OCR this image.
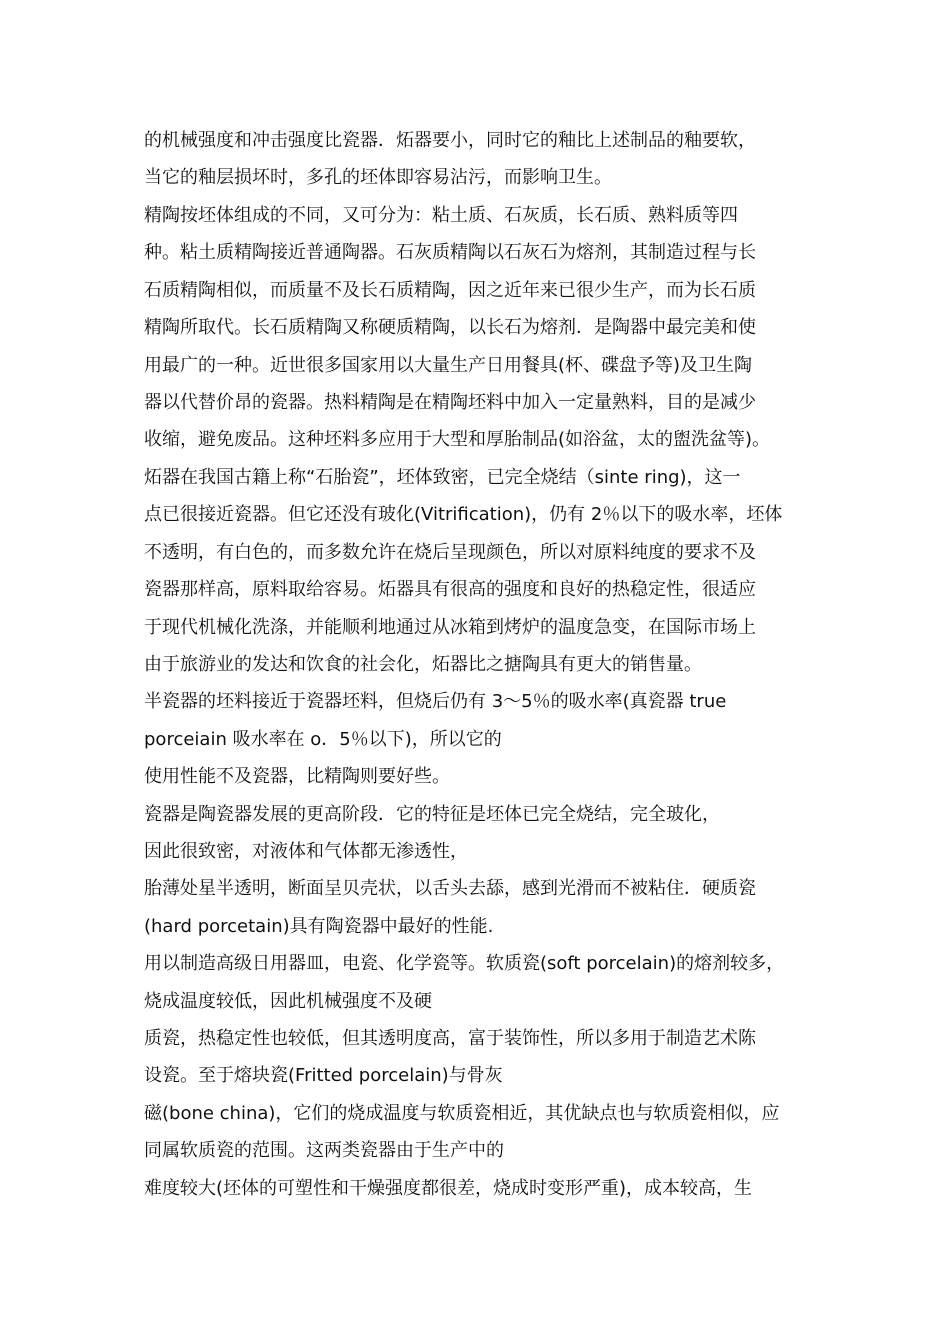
的机械强度和冲击强度比瓷器．炻器要小，同时它的釉比上述制品的釉要软，
当它的釉层损坏时，多孔的坯体即容易沾污，而影响卫生。
精陶按坯体组成的不同，又可分为：粘土质、石灰质，长石质、熟料质等四
种。粘土质精陶接近普通陶器。石灰质精陶以石灰石为熔剂，其制造过程与长
石质精陶相似，而质量不及长石质精陶，因之近年来已很少生产，而为长石质
精陶所取代。长石质精陶又称硬质精陶，以长石为熔剂．是陶器中最完美和使
用最广的一种。近世很多国家用以大量生产日用餐具(杯、碟盘予等)及卫生陶
器以代替价昂的瓷器。热料精陶是在精陶坯料中加入一定量熟料，目的是减少
收缩，避免废品。这种坯料多应用于大型和厚胎制品(如浴盆，太的盥洗盆等)。
炻器在我国古籍上称“石胎瓷”，坯体致密，已完全烧结（sinte ring)，这一
点已很接近瓷器。但它还没有玻化(Vitrification)，仍有 2％以下的吸水率，坯体
不透明，有白色的，而多数允许在烧后呈现颜色，所以对原料纯度的要求不及
瓷器那样高，原料取给容易。炻器具有很高的强度和良好的热稳定性，很适应
于现代机械化洗涤，并能顺利地通过从冰箱到烤炉的温度急变，在国际市场上
由于旅游业的发达和饮食的社会化，炻器比之搪陶具有更大的销售量。
半瓷器的坯料接近于瓷器坯料，但烧后仍有 3～5％的吸水率(真瓷器 true
porceiain 吸水率在 o．5％以下)，所以它的
使用性能不及瓷器，比精陶则要好些。
瓷器是陶瓷器发展的更高阶段．它的特征是坯体已完全烧结，完全玻化，
因此很致密，对液体和气体都无渗透性，
胎薄处星半透明，断面呈贝壳状，以舌头去舔，感到光滑而不被粘住．硬质瓷
(hard porcetain)具有陶瓷器中最好的性能.
用以制造高级日用器皿，电瓷、化学瓷等。软质瓷(soft porcelain)的熔剂较多，
烧成温度较低，因此机械强度不及硬
质瓷，热稳定性也较低，但其透明度高，富于装饰性，所以多用于制造艺术陈
设瓷。至于熔块瓷(Fritted porcelain)与骨灰
磁(bone china)，它们的烧成温度与软质瓷相近，其优缺点也与软质瓷相似，应
同属软质瓷的范围。这两类瓷器由于生产中的
难度较大(坯体的可塑性和干燥强度都很差，烧成时变形严重)，成本较高，生
